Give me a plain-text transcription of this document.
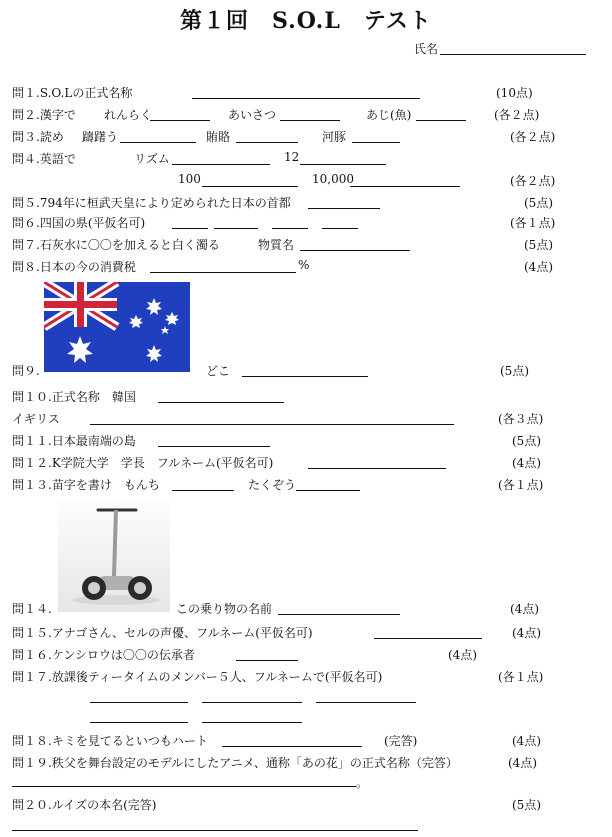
第１回　S.O.L　テスト
氏名
問１.S.O.Lの正式名称	(10点)
問２.漢字で れんらく	あいさつ	あじ(魚)	(各２点)
問３.読め 躊躇う	賄賂	河豚	(各２点)
問４.英語で	リズム	12
100	10,000	(各２点)
問５.794年に桓武天皇により定められた日本の首都	(5点)
問６.四国の県(平仮名可)	(各１点)
問７.石灰水に〇〇を加えると白く濁る	物質名	(5点)
問８.日本の今の消費税	%	(4点)
問９.	どこ	(5点)
問１０.正式名称　韓国
イギリス	(各３点)
問１１.日本最南端の島	(5点)
問１２.K学院大学　学長　フルネーム(平仮名可)	(4点)
問１３.苗字を書け　もんち	たくぞう	(各１点)
問１４.	この乗り物の名前	(4点)
問１５.アナゴさん、セルの声優、フルネーム(平仮名可)	(4点)
問１６.ケンシロウは〇〇の伝承者	(4点)
問１７.放課後ティータイムのメンバー５人、フルネームで(平仮名可)	(各１点)
問１８.キミを見てるといつもハート	(完答)	(4点)
問１９.秩父を舞台設定のモデルにしたアニメ、通称「あの花」の正式名称（完答）	(4点)
。
問２０.ルイズの本名(完答)	(5点)
